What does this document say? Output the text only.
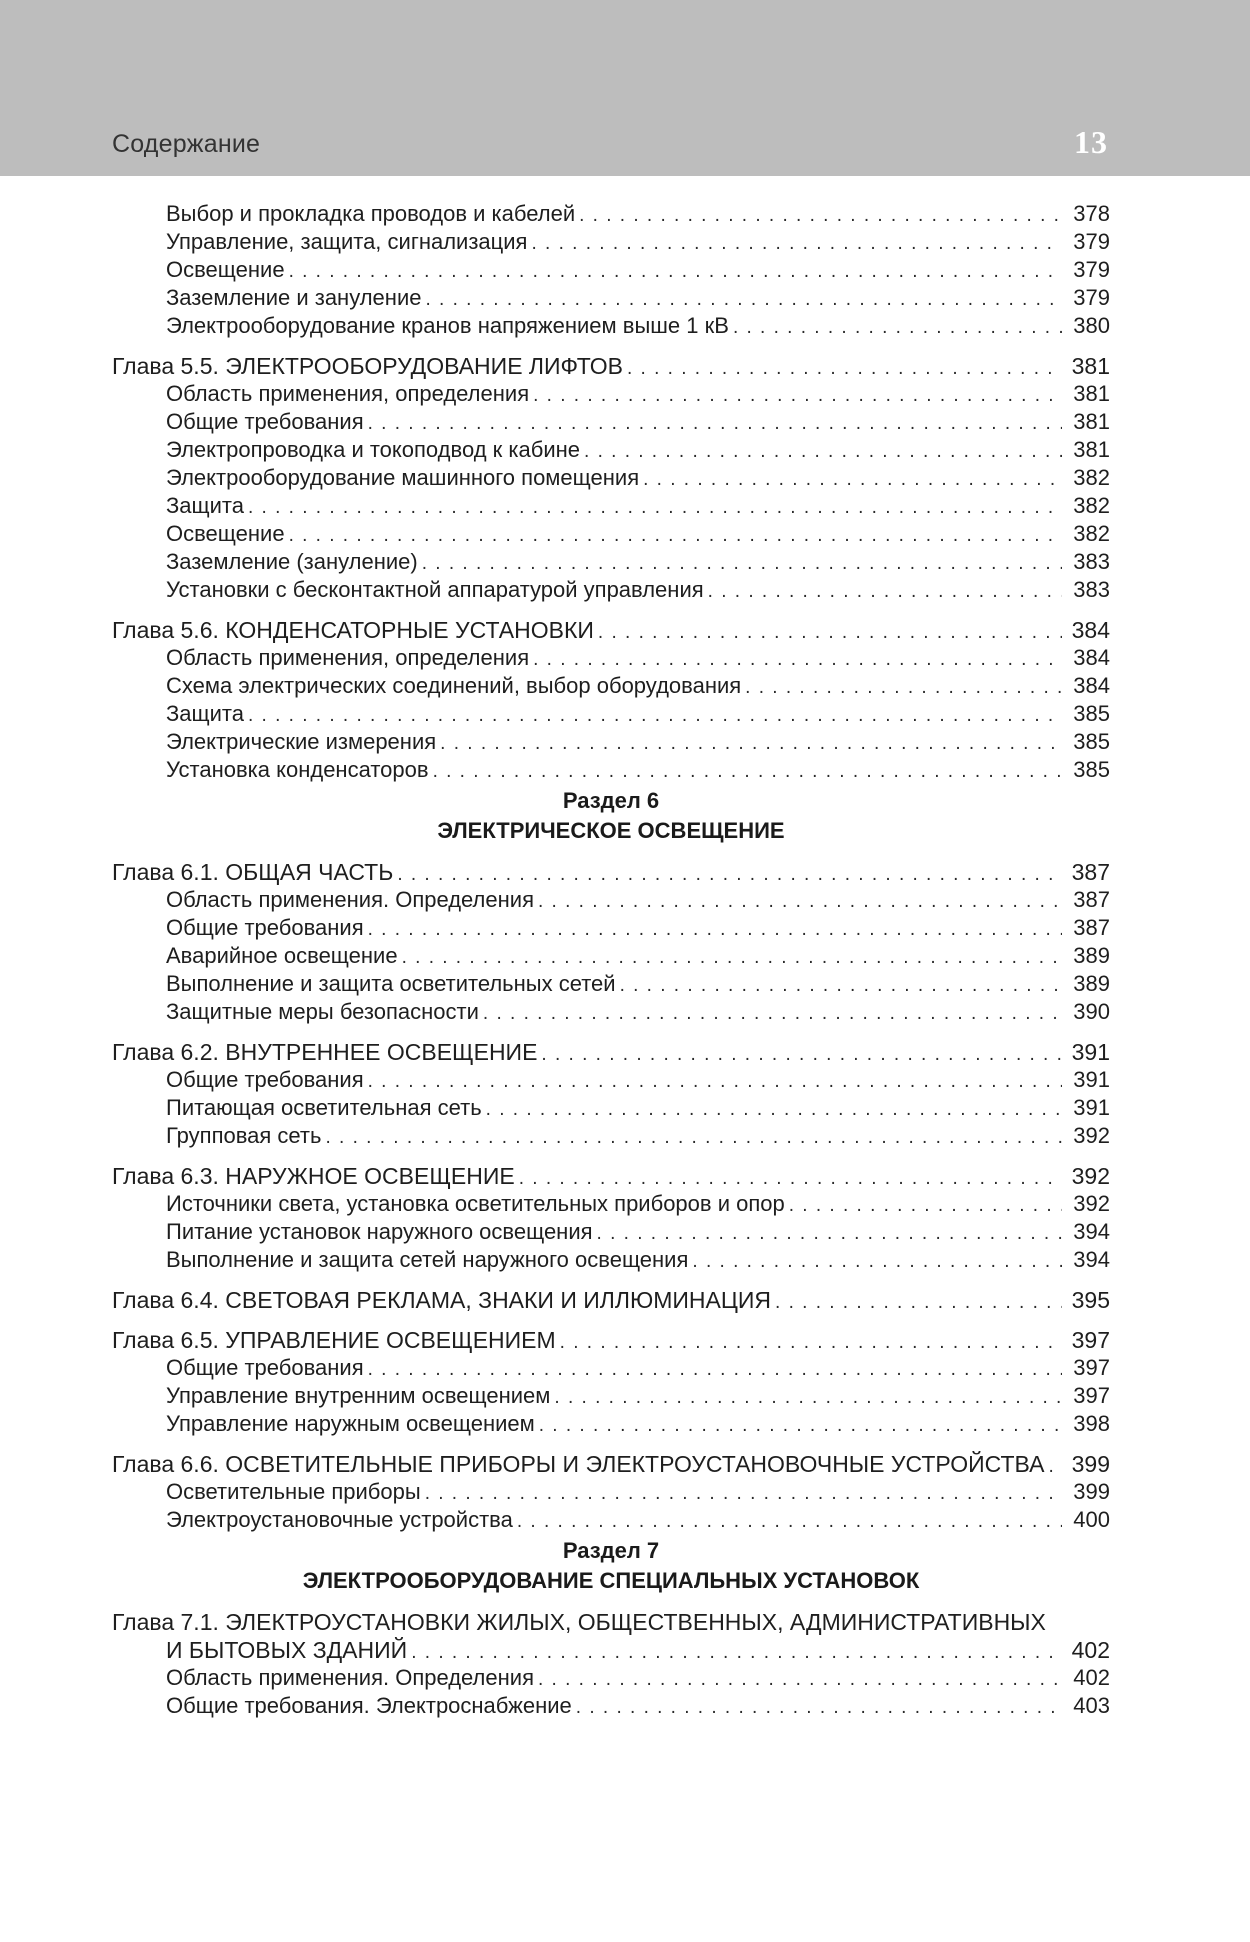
Содержание	13
Выбор и прокладка проводов и кабелей . . .	378
Управление, защита, сигнализация . . .	379
Освещение . . .	379
Заземление и зануление . . .	379
Электрооборудование кранов напряжением выше 1 кВ . . .	380
Глава 5.5. ЭЛЕКТРООБОРУДОВАНИЕ ЛИФТОВ . . .	381
Область применения, определения . . .	381
Общие требования . . .	381
Электропроводка и токоподвод к кабине . . .	381
Электрооборудование машинного помещения . . .	382
Защита . . .	382
Освещение . . .	382
Заземление (зануление) . . .	383
Установки с бесконтактной аппаратурой управления . . .	383
Глава 5.6. КОНДЕНСАТОРНЫЕ УСТАНОВКИ . . .	384
Область применения, определения . . .	384
Схема электрических соединений, выбор оборудования . . .	384
Защита . . .	385
Электрические измерения . . .	385
Установка конденсаторов . . .	385
Раздел 6
ЭЛЕКТРИЧЕСКОЕ ОСВЕЩЕНИЕ
Глава 6.1. ОБЩАЯ ЧАСТЬ . . .	387
Область применения. Определения . . .	387
Общие требования . . .	387
Аварийное освещение . . .	389
Выполнение и защита осветительных сетей . . .	389
Защитные меры безопасности . . .	390
Глава 6.2. ВНУТРЕННЕЕ ОСВЕЩЕНИЕ . . .	391
Общие требования . . .	391
Питающая осветительная сеть . . .	391
Групповая сеть . . .	392
Глава 6.3. НАРУЖНОЕ ОСВЕЩЕНИЕ . . .	392
Источники света, установка осветительных приборов и опор . . .	392
Питание установок наружного освещения . . .	394
Выполнение и защита сетей наружного освещения . . .	394
Глава 6.4. СВЕТОВАЯ РЕКЛАМА, ЗНАКИ И ИЛЛЮМИНАЦИЯ . . .	395
Глава 6.5. УПРАВЛЕНИЕ ОСВЕЩЕНИЕМ . . .	397
Общие требования . . .	397
Управление внутренним освещением . . .	397
Управление наружным освещением . . .	398
Глава 6.6. ОСВЕТИТЕЛЬНЫЕ ПРИБОРЫ И ЭЛЕКТРОУСТАНОВОЧНЫЕ УСТРОЙСТВА . . . 399
Осветительные приборы . . .	399
Электроустановочные устройства . . .	400
Раздел 7
ЭЛЕКТРООБОРУДОВАНИЕ СПЕЦИАЛЬНЫХ УСТАНОВОК
Глава 7.1. ЭЛЕКТРОУСТАНОВКИ ЖИЛЫХ, ОБЩЕСТВЕННЫХ, АДМИНИСТРАТИВНЫХ
И БЫТОВЫХ ЗДАНИЙ . . .	402
Область применения. Определения . . .	402
Общие требования. Электроснабжение . . .	403
